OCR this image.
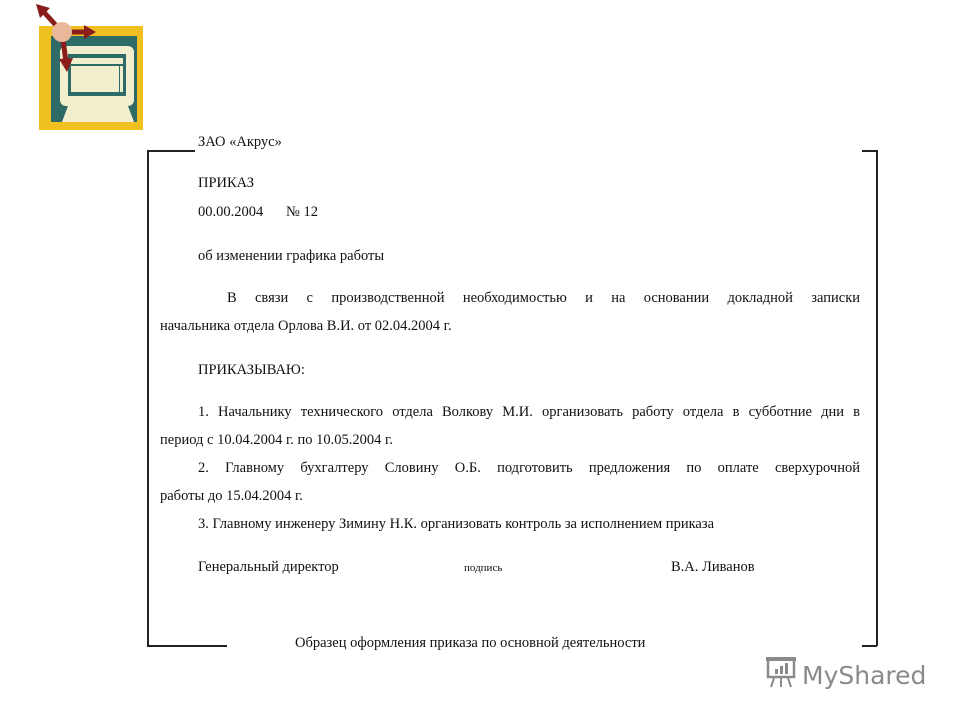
ЗАО «Акрус»
ПРИКАЗ
00.00.2004 № 12
об изменении графика работы
В связи с производственной необходимостью и на основании докладной записки
начальника отдела Орлова В.И. от 02.04.2004 г.
ПРИКАЗЫВАЮ:
1. Начальнику технического отдела Волкову М.И. организовать работу отдела в субботние дни в
период с 10.04.2004 г. по 10.05.2004 г.
2. Главному бухгалтеру Словину О.Б. подготовить предложения по оплате сверхурочной
работы до 15.04.2004 г.
3. Главному инженеру Зимину Н.К. организовать контроль за исполнением приказа
Генеральный директор	подпись	В.А. Ливанов
Образец оформления приказа по основной деятельности
MyShared
